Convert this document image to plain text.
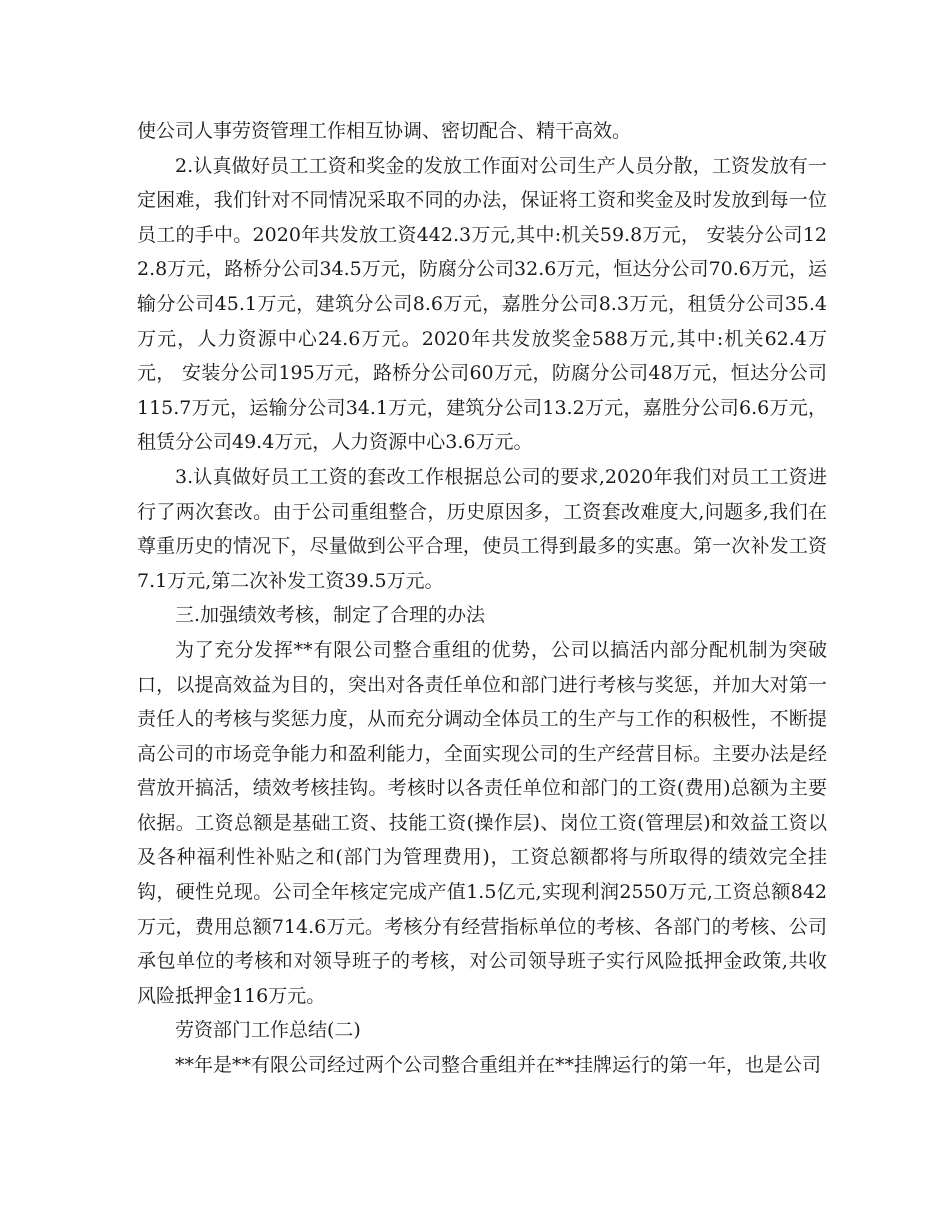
使公司人事劳资管理工作相互协调、密切配合、精干高效。

2.认真做好员工工资和奖金的发放工作面对公司生产人员分散，工资发放有一定困难，我们针对不同情况采取不同的办法，保证将工资和奖金及时发放到每一位员工的手中。2020年共发放工资442.3万元,其中:机关59.8万元， 安装分公司122.8万元，路桥分公司34.5万元，防腐分公司32.6万元，恒达分公司70.6万元，运输分公司45.1万元，建筑分公司8.6万元，嘉胜分公司8.3万元，租赁分公司35.4万元，人力资源中心24.6万元。2020年共发放奖金588万元,其中:机关62.4万元， 安装分公司195万元，路桥分公司60万元，防腐分公司48万元，恒达分公司115.7万元，运输分公司34.1万元，建筑分公司13.2万元，嘉胜分公司6.6万元，租赁分公司49.4万元，人力资源中心3.6万元。

3.认真做好员工工资的套改工作根据总公司的要求,2020年我们对员工工资进行了两次套改。由于公司重组整合，历史原因多，工资套改难度大,问题多,我们在尊重历史的情况下，尽量做到公平合理，使员工得到最多的实惠。第一次补发工资7.1万元,第二次补发工资39.5万元。

三.加强绩效考核，制定了合理的办法

为了充分发挥**有限公司整合重组的优势，公司以搞活内部分配机制为突破口，以提高效益为目的，突出对各责任单位和部门进行考核与奖惩，并加大对第一责任人的考核与奖惩力度，从而充分调动全体员工的生产与工作的积极性，不断提高公司的市场竞争能力和盈利能力，全面实现公司的生产经营目标。主要办法是经营放开搞活，绩效考核挂钩。考核时以各责任单位和部门的工资(费用)总额为主要依据。工资总额是基础工资、技能工资(操作层)、岗位工资(管理层)和效益工资以及各种福利性补贴之和(部门为管理费用)，工资总额都将与所取得的绩效完全挂钩，硬性兑现。公司全年核定完成产值1.5亿元,实现利润2550万元,工资总额842万元，费用总额714.6万元。考核分有经营指标单位的考核、各部门的考核、公司承包单位的考核和对领导班子的考核，对公司领导班子实行风险抵押金政策,共收风险抵押金116万元。

劳资部门工作总结(二)

**年是**有限公司经过两个公司整合重组并在**挂牌运行的第一年，也是公司
